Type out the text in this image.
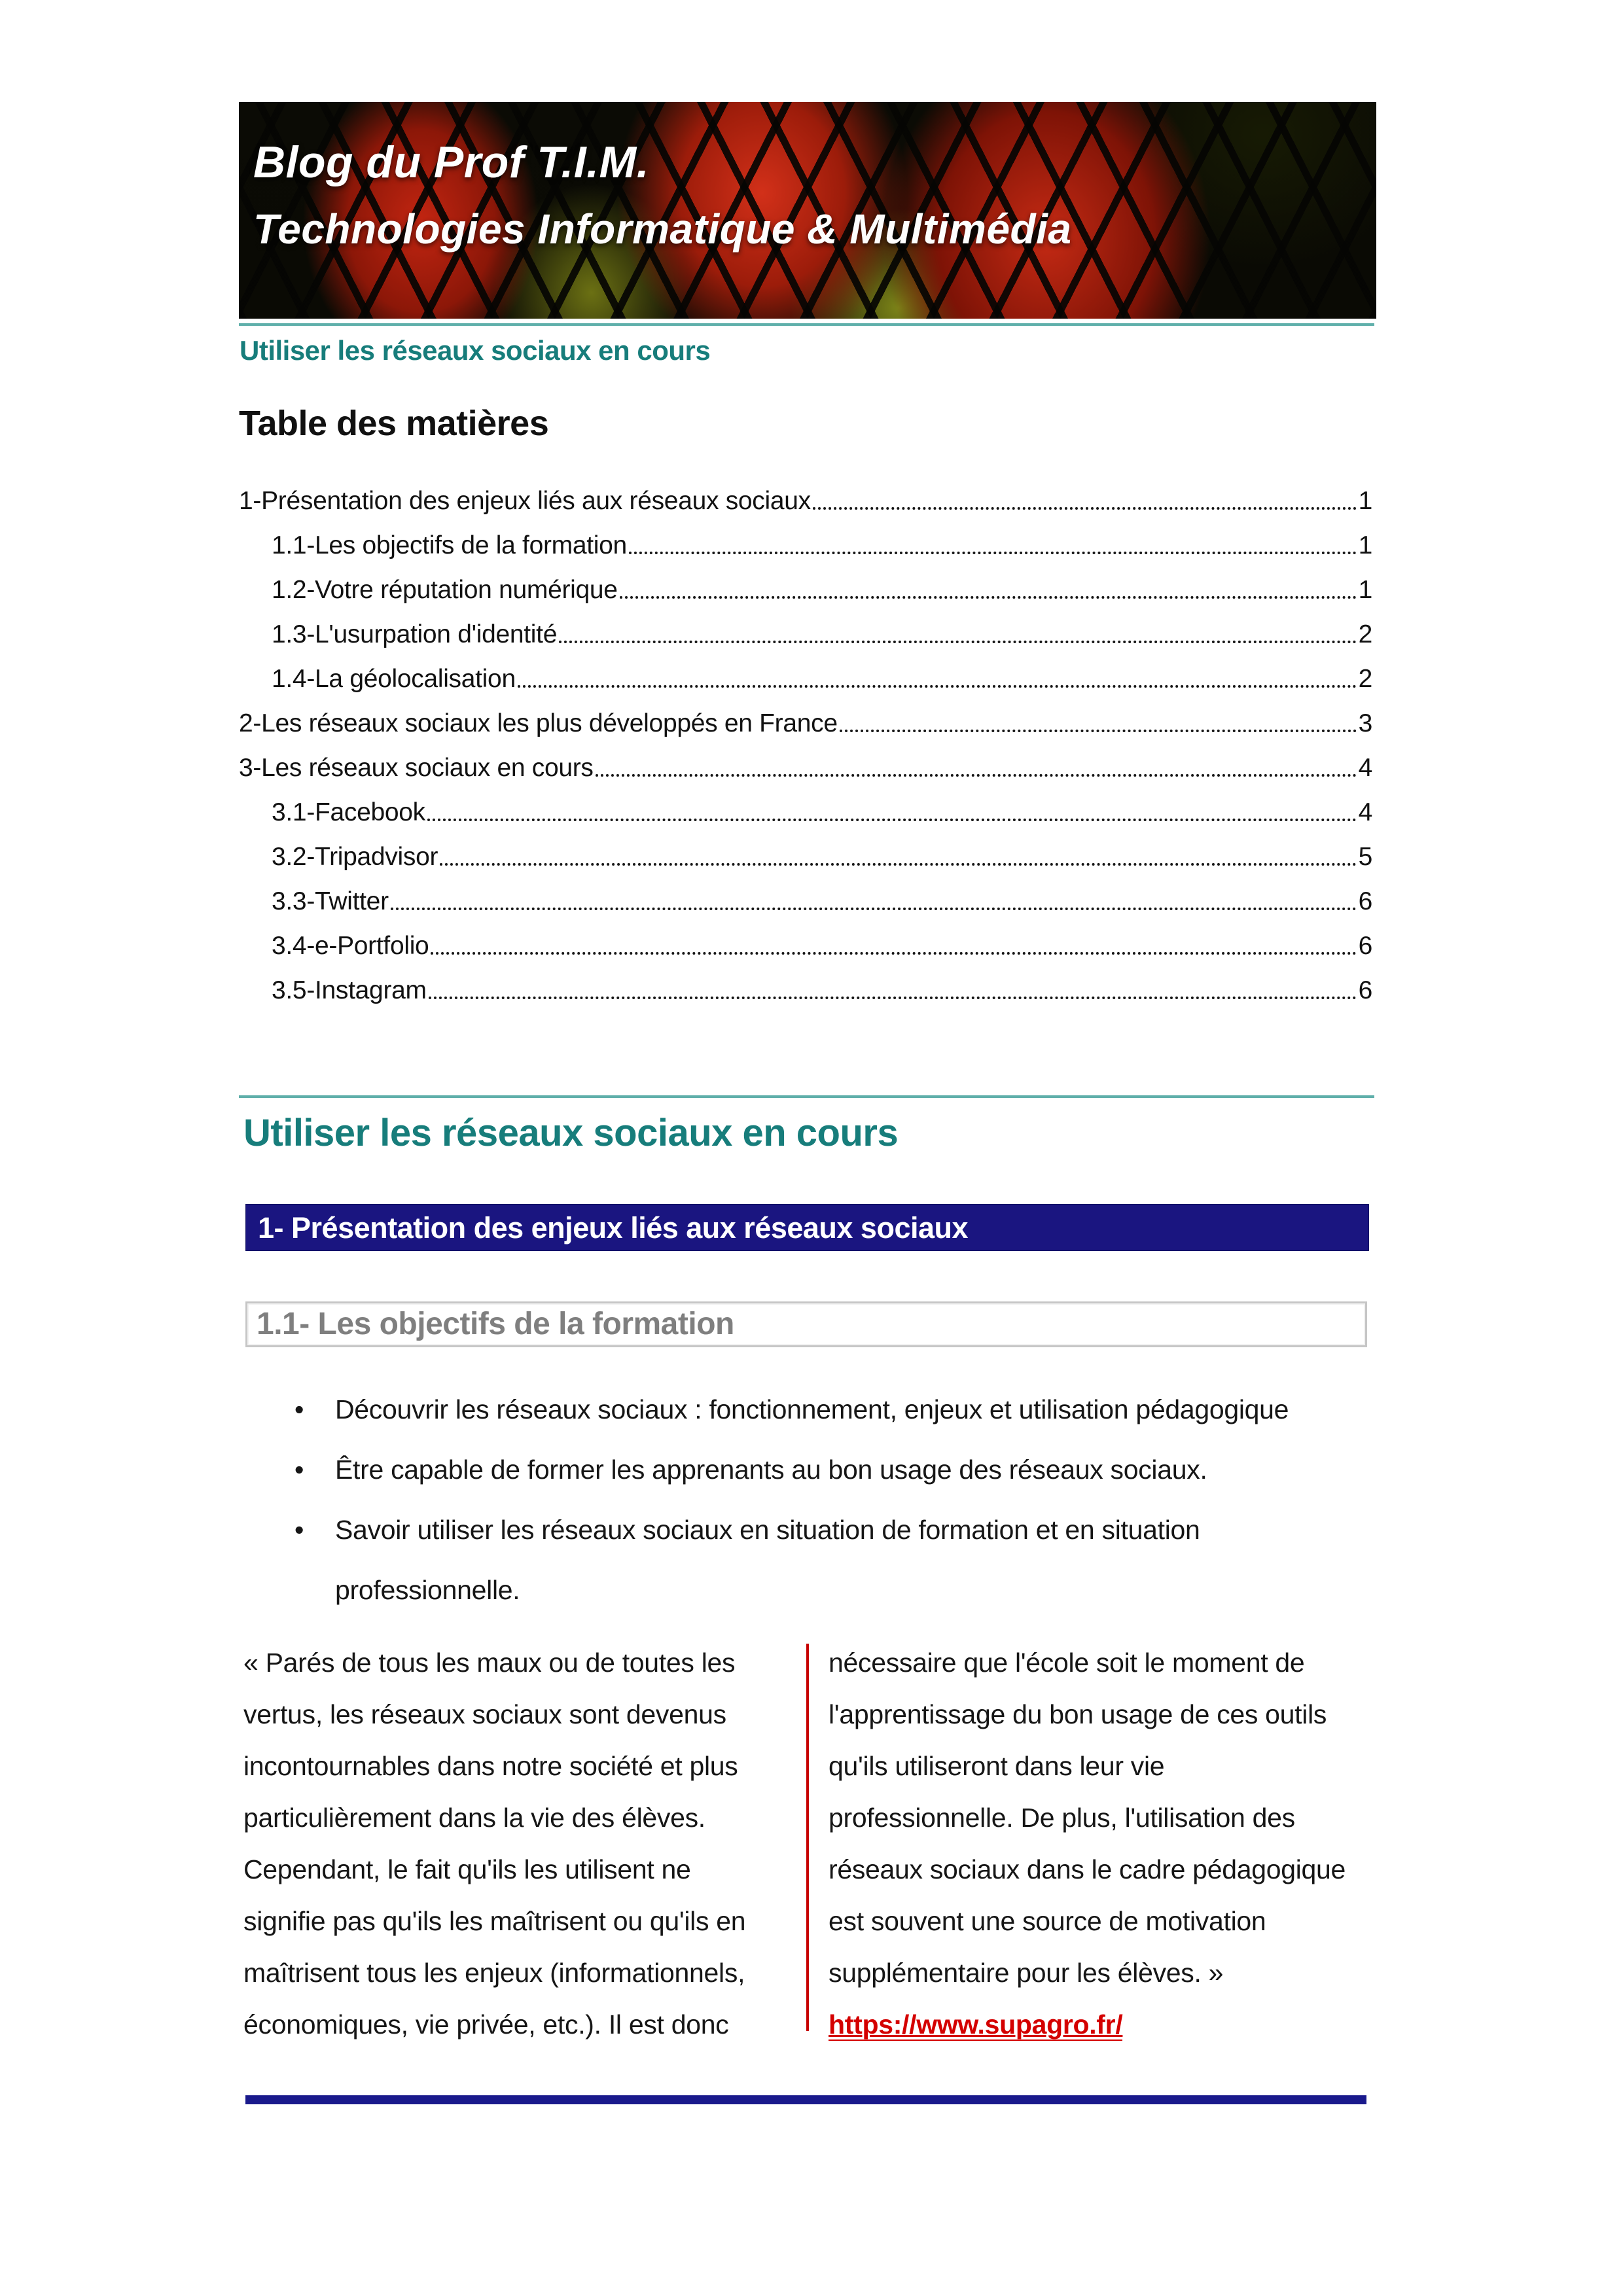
Blog du Prof T.I.M.
Technologies Informatique & Multimédia
Utiliser les réseaux sociaux en cours
Table des matières
1-Présentation des enjeux liés aux réseaux sociaux	1
1.1-Les objectifs de la formation	1
1.2-Votre réputation numérique	1
1.3-L'usurpation d'identité	2
1.4-La géolocalisation	2
2-Les réseaux sociaux les plus développés en France	3
3-Les réseaux sociaux en cours	4
3.1-Facebook	4
3.2-Tripadvisor	5
3.3-Twitter	6
3.4-e-Portfolio	6
3.5-Instagram	6
Utiliser les réseaux sociaux en cours
1- Présentation des enjeux liés aux réseaux sociaux
1.1- Les objectifs de la formation
• Découvrir les réseaux sociaux : fonctionnement, enjeux et utilisation pédagogique
• Être capable de former les apprenants au bon usage des réseaux sociaux.
• Savoir utiliser les réseaux sociaux en situation de formation et en situation
professionnelle.
« Parés de tous les maux ou de toutes les
vertus, les réseaux sociaux sont devenus
incontournables dans notre société et plus
particulièrement dans la vie des élèves.
Cependant, le fait qu'ils les utilisent ne
signifie pas qu'ils les maîtrisent ou qu'ils en
maîtrisent tous les enjeux (informationnels,
économiques, vie privée, etc.). Il est donc
nécessaire que l'école soit le moment de
l'apprentissage du bon usage de ces outils
qu'ils utiliseront dans leur vie
professionnelle. De plus, l'utilisation des
réseaux sociaux dans le cadre pédagogique
est souvent une source de motivation
supplémentaire pour les élèves. »
https://www.supagro.fr/
